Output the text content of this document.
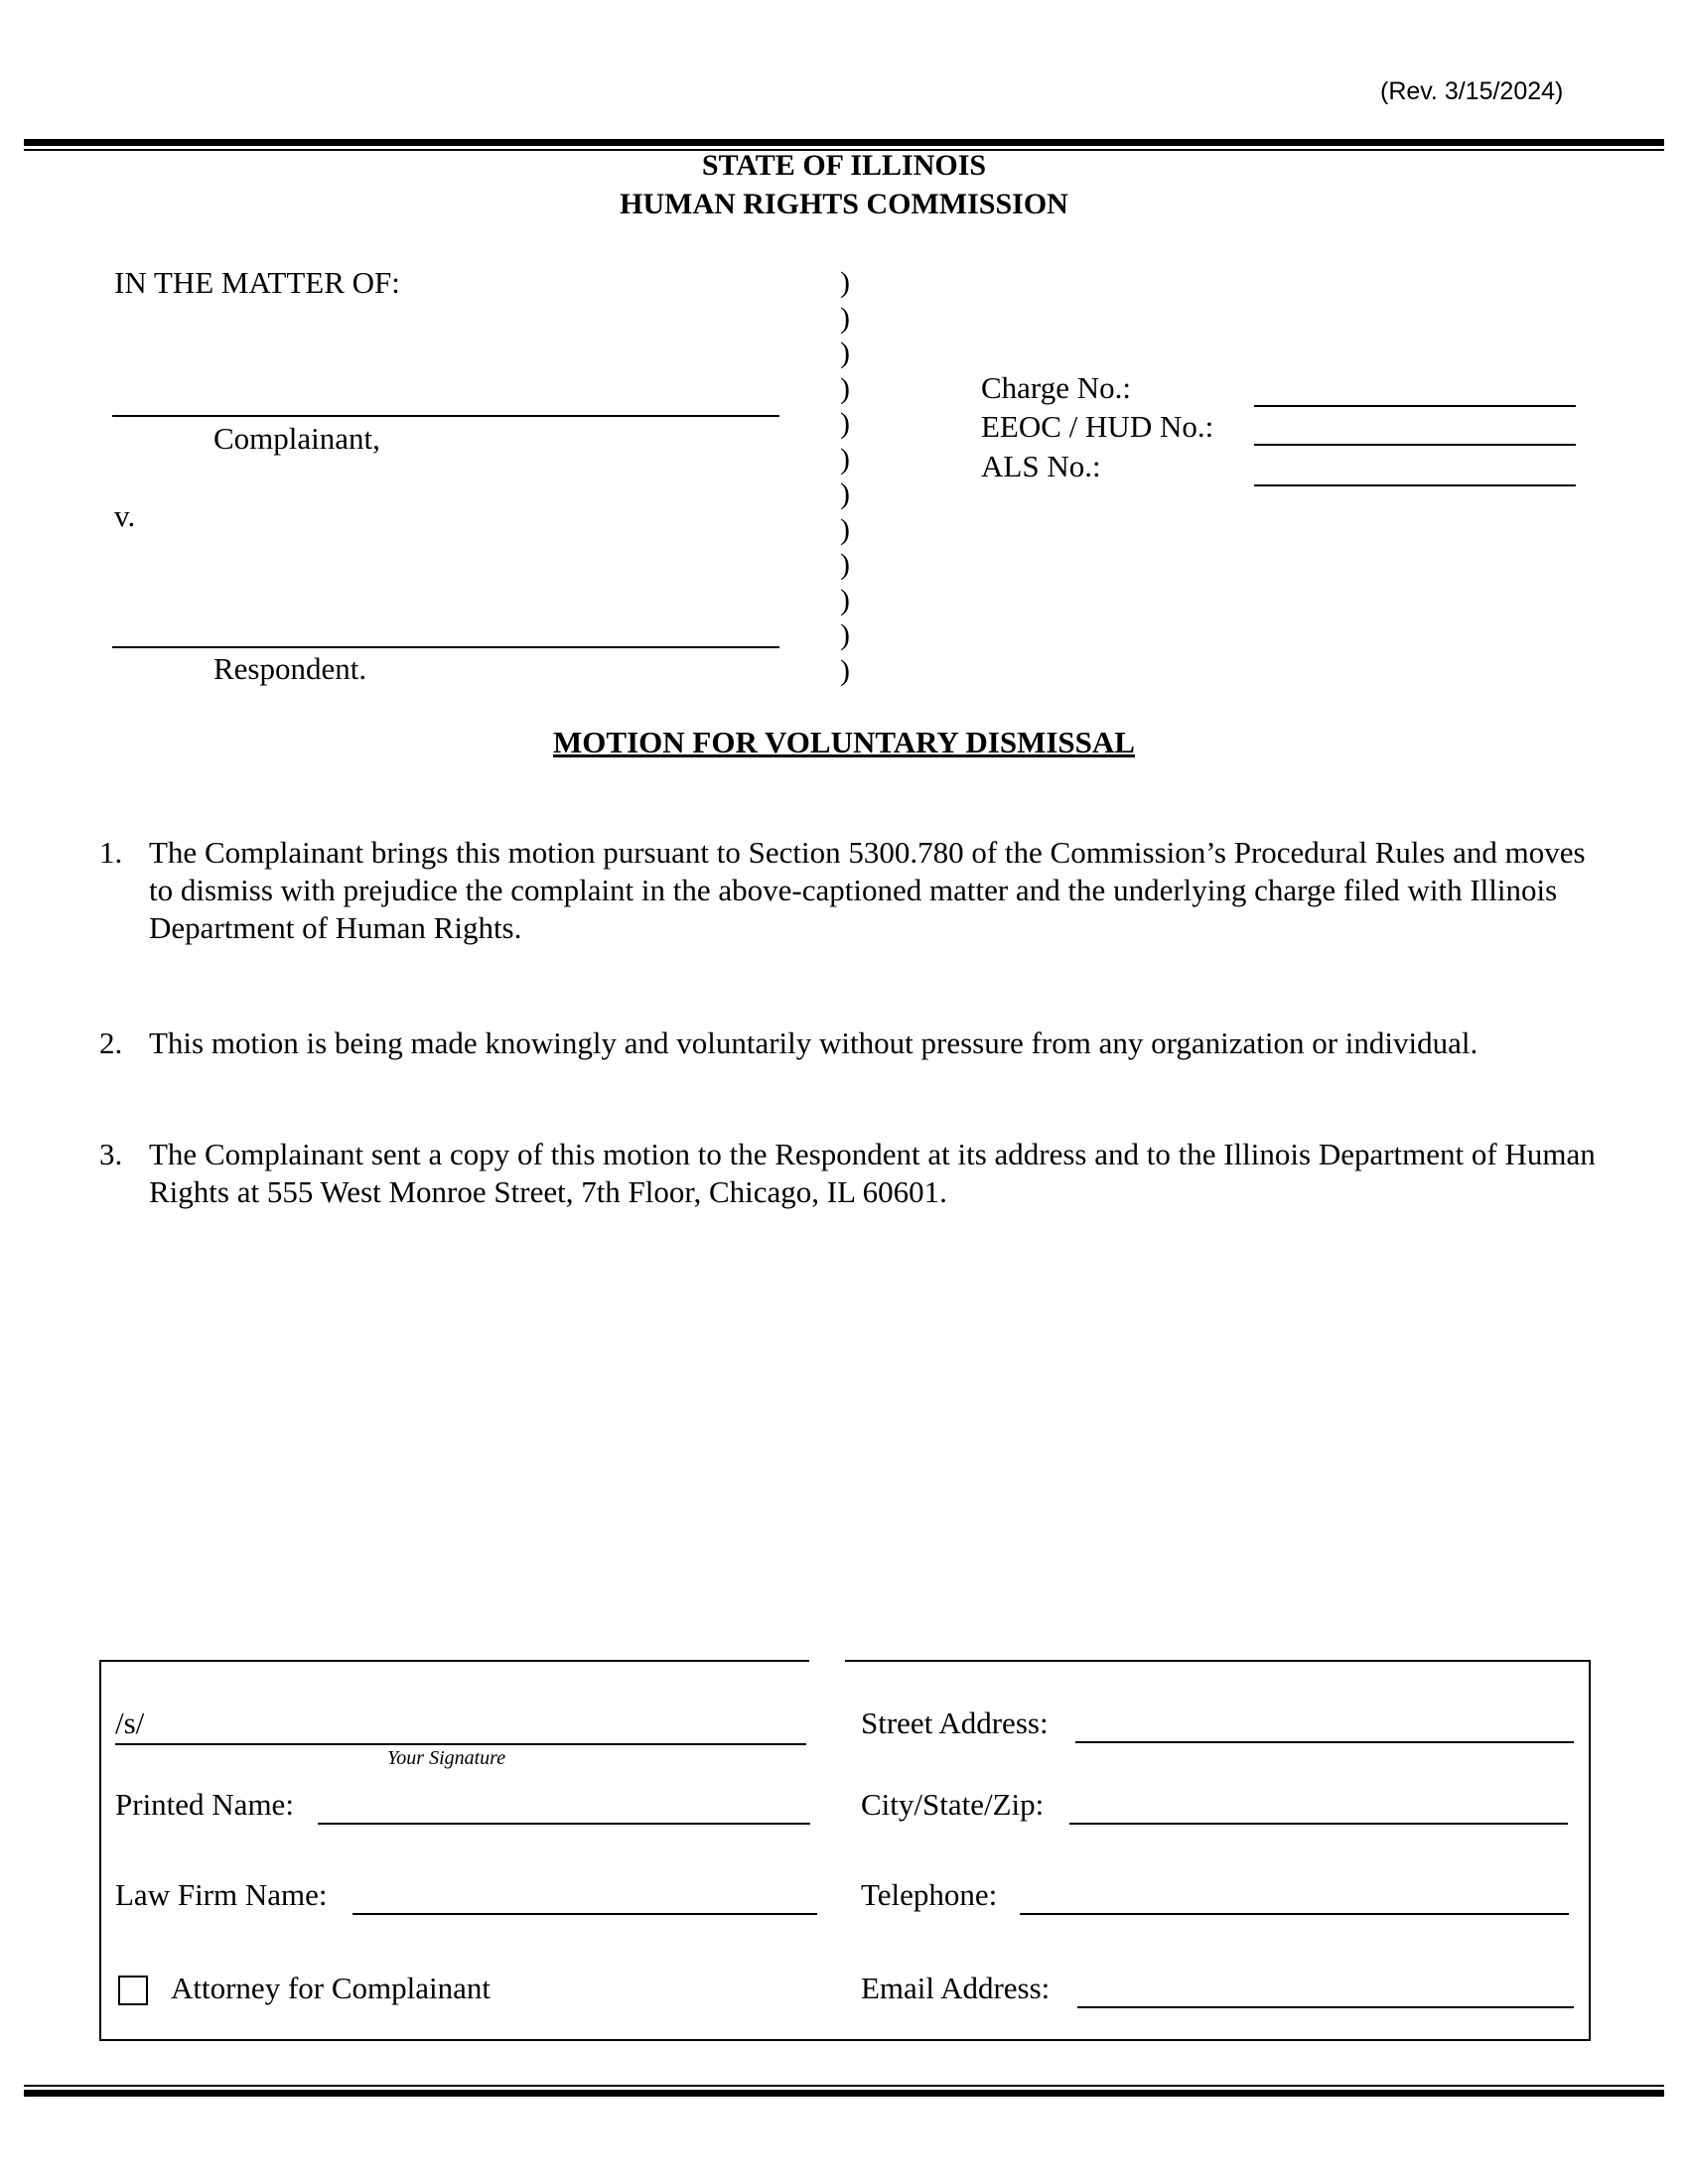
(Rev. 3/15/2024)
STATE OF ILLINOIS
HUMAN RIGHTS COMMISSION
IN THE MATTER OF:
Complainant,
v.
Respondent.
)
)
)
)
)
)
)
)
)
)
)
)
Charge No.:
EEOC / HUD No.:
ALS No.:
MOTION FOR VOLUNTARY DISMISSAL
1. The Complainant brings this motion pursuant to Section 5300.780 of the Commission’s Procedural Rules and moves to dismiss with prejudice the complaint in the above-captioned matter and the underlying charge filed with Illinois Department of Human Rights.
2. This motion is being made knowingly and voluntarily without pressure from any organization or individual.
3. The Complainant sent a copy of this motion to the Respondent at its address and to the Illinois Department of Human Rights at 555 West Monroe Street, 7th Floor, Chicago, IL 60601.
/s/
Your Signature
Printed Name:
Law Firm Name:
Attorney for Complainant
Street Address:
City/State/Zip:
Telephone:
Email Address:
